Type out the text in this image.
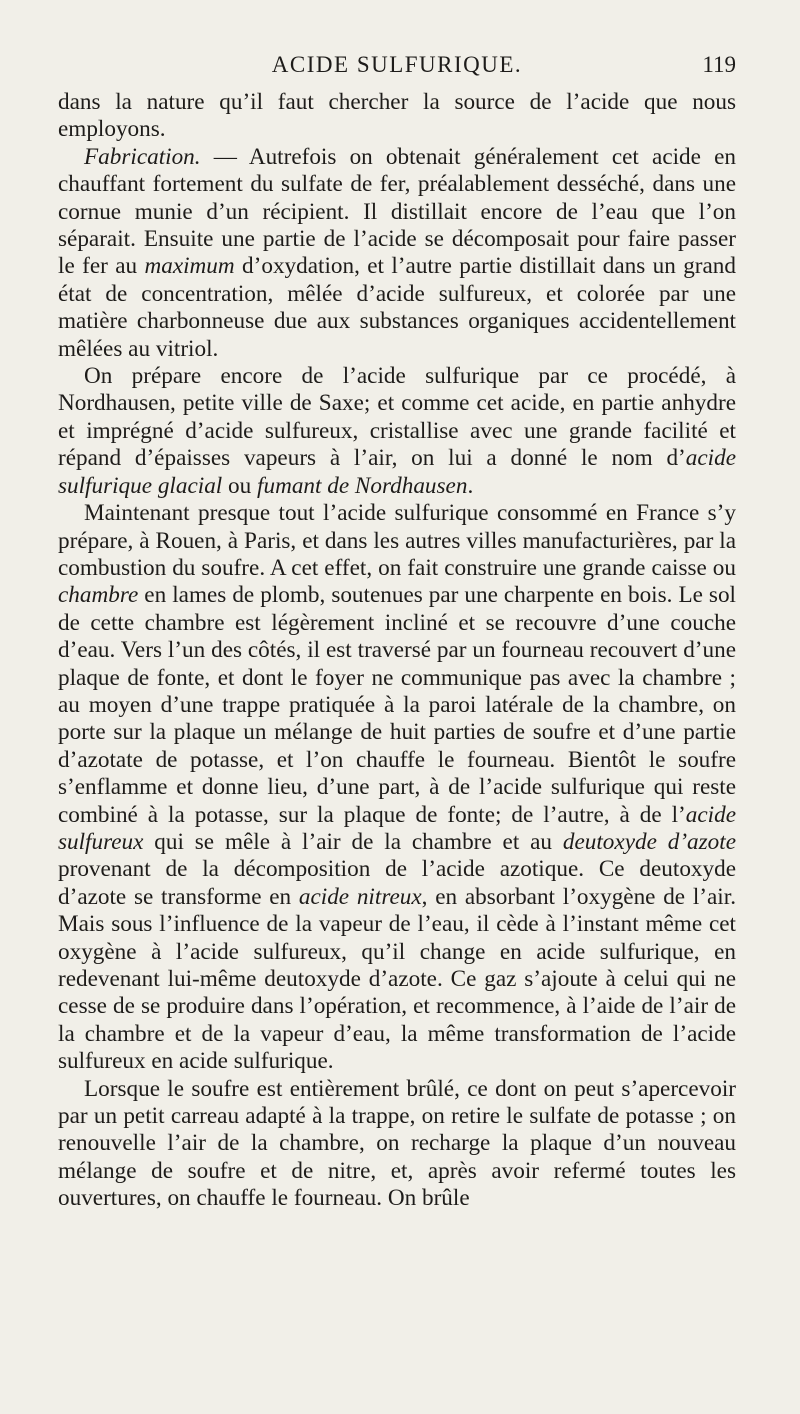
ACIDE SULFURIQUE.	119

dans la nature qu’il faut chercher la source de l’acide que nous employons.

Fabrication. — Autrefois on obtenait généralement cet acide en chauffant fortement du sulfate de fer, préalablement desséché, dans une cornue munie d’un récipient. Il distillait encore de l’eau que l’on séparait. Ensuite une partie de l’acide se décomposait pour faire passer le fer au maximum d’oxydation, et l’autre partie distillait dans un grand état de concentration, mêlée d’acide sulfureux, et colorée par une matière charbonneuse due aux substances organiques accidentellement mêlées au vitriol.

On prépare encore de l’acide sulfurique par ce procédé, à Nordhausen, petite ville de Saxe; et comme cet acide, en partie anhydre et imprégné d’acide sulfureux, cristallise avec une grande facilité et répand d’épaisses vapeurs à l’air, on lui a donné le nom d’acide sulfurique glacial ou fumant de Nordhausen.

Maintenant presque tout l’acide sulfurique consommé en France s’y prépare, à Rouen, à Paris, et dans les autres villes manufacturières, par la combustion du soufre. A cet effet, on fait construire une grande caisse ou chambre en lames de plomb, soutenues par une charpente en bois. Le sol de cette chambre est légèrement incliné et se recouvre d’une couche d’eau. Vers l’un des côtés, il est traversé par un fourneau recouvert d’une plaque de fonte, et dont le foyer ne communique pas avec la chambre ; au moyen d’une trappe pratiquée à la paroi latérale de la chambre, on porte sur la plaque un mélange de huit parties de soufre et d’une partie d’azotate de potasse, et l’on chauffe le fourneau. Bientôt le soufre s’enflamme et donne lieu, d’une part, à de l’acide sulfurique qui reste combiné à la potasse, sur la plaque de fonte; de l’autre, à de l’acide sulfureux qui se mêle à l’air de la chambre et au deutoxyde d’azote provenant de la décomposition de l’acide azotique. Ce deutoxyde d’azote se transforme en acide nitreux, en absorbant l’oxygène de l’air. Mais sous l’influence de la vapeur de l’eau, il cède à l’instant même cet oxygène à l’acide sulfureux, qu’il change en acide sulfurique, en redevenant lui-même deutoxyde d’azote. Ce gaz s’ajoute à celui qui ne cesse de se produire dans l’opération, et recommence, à l’aide de l’air de la chambre et de la vapeur d’eau, la même transformation de l’acide sulfureux en acide sulfurique.

Lorsque le soufre est entièrement brûlé, ce dont on peut s’apercevoir par un petit carreau adapté à la trappe, on retire le sulfate de potasse ; on renouvelle l’air de la chambre, on recharge la plaque d’un nouveau mélange de soufre et de nitre, et, après avoir refermé toutes les ouvertures, on chauffe le fourneau. On brûle
